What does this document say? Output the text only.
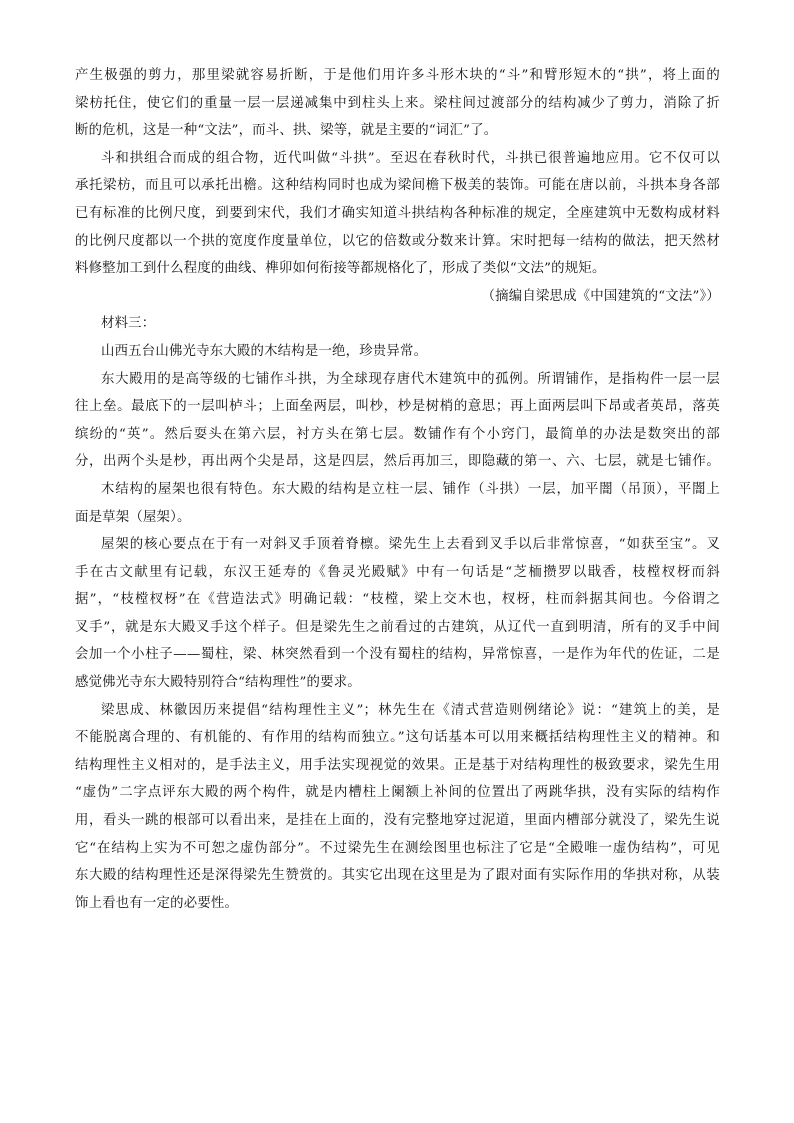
产生极强的剪力，那里梁就容易折断，于是他们用许多斗形木块的“斗”和臂形短木的“拱”，将上面的
梁枋托住，使它们的重量一层一层递减集中到柱头上来。梁柱间过渡部分的结构减少了剪力，消除了折
断的危机，这是一种“文法”，而斗、拱、梁等，就是主要的“词汇”了。
斗和拱组合而成的组合物，近代叫做“斗拱”。至迟在春秋时代，斗拱已很普遍地应用。它不仅可以
承托梁枋，而且可以承托出檐。这种结构同时也成为梁间檐下极美的装饰。可能在唐以前，斗拱本身各部
已有标准的比例尺度，到要到宋代，我们才确实知道斗拱结构各种标准的规定，全座建筑中无数构成材料
的比例尺度都以一个拱的宽度作度量单位，以它的倍数或分数来计算。宋时把每一结构的做法，把天然材
料修整加工到什么程度的曲线、榫卯如何衔接等都规格化了，形成了类似“文法”的规矩。
（摘编自梁思成《中国建筑的“文法”》）
材料三：
山西五台山佛光寺东大殿的木结构是一绝，珍贵异常。
东大殿用的是高等级的七铺作斗拱，为全球现存唐代木建筑中的孤例。所谓铺作，是指构件一层一层
往上垒。最底下的一层叫栌斗；上面垒两层，叫杪，杪是树梢的意思；再上面两层叫下昂或者英昂，落英
缤纷的“英”。然后耍头在第六层，衬方头在第七层。数铺作有个小窍门，最简单的办法是数突出的部
分，出两个头是杪，再出两个尖是昂，这是四层，然后再加三，即隐藏的第一、六、七层，就是七铺作。
木结构的屋架也很有特色。东大殿的结构是立柱一层、铺作（斗拱）一层，加平闇（吊顶），平闇上
面是草架（屋架）。
屋架的核心要点在于有一对斜叉手顶着脊檩。梁先生上去看到叉手以后非常惊喜，“如获至宝”。叉
手在古文献里有记载，东汉王延寿的《鲁灵光殿赋》中有一句话是“芝栭攒罗以戢香，枝樘杈枒而斜
据”，“枝樘杈枒”在《营造法式》明确记载：“枝樘，梁上交木也，杈枒，柱而斜据其间也。今俗谓之
叉手”，就是东大殿叉手这个样子。但是梁先生之前看过的古建筑，从辽代一直到明清，所有的叉手中间
会加一个小柱子——蜀柱，梁、林突然看到一个没有蜀柱的结构，异常惊喜，一是作为年代的佐证，二是
感觉佛光寺东大殿特别符合“结构理性”的要求。
梁思成、林徽因历来提倡“结构理性主义”；林先生在《清式营造则例绪论》说：“建筑上的美，是
不能脱离合理的、有机能的、有作用的结构而独立。”这句话基本可以用来概括结构理性主义的精神。和
结构理性主义相对的，是手法主义，用手法实现视觉的效果。正是基于对结构理性的极致要求，梁先生用
“虚伪”二字点评东大殿的两个构件，就是内槽柱上阑额上补间的位置出了两跳华拱，没有实际的结构作
用，看头一跳的根部可以看出来，是挂在上面的，没有完整地穿过泥道，里面内槽部分就没了，梁先生说
它“在结构上实为不可恕之虚伪部分”。不过梁先生在测绘图里也标注了它是“全殿唯一虚伪结构”，可见
东大殿的结构理性还是深得梁先生赞赏的。其实它出现在这里是为了跟对面有实际作用的华拱对称，从装
饰上看也有一定的必要性。
